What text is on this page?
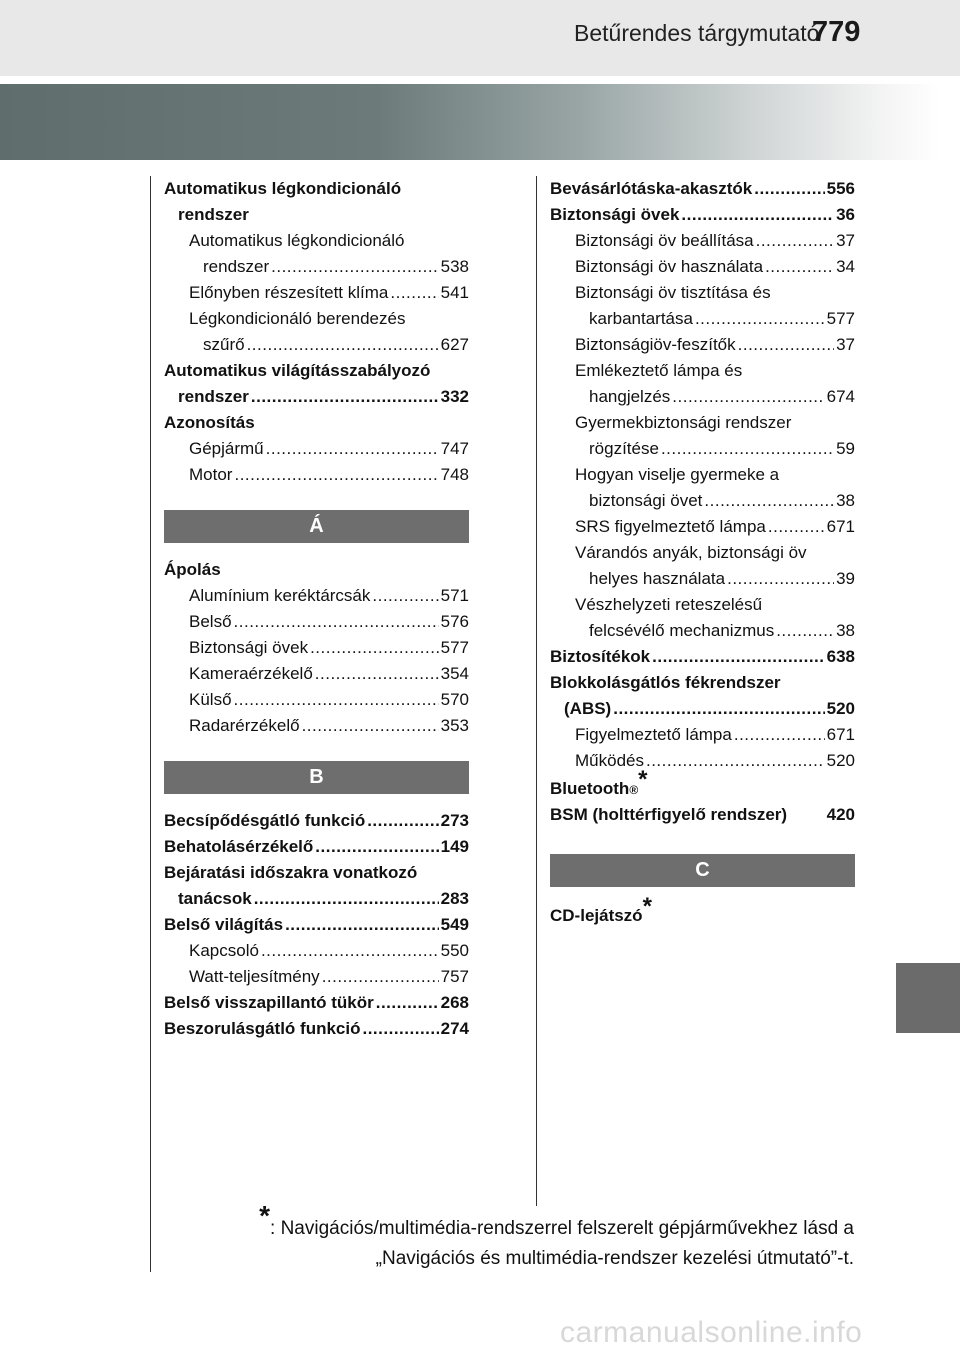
Betűrendes tárgymutató
779
Automatikus légkondicionáló
rendszer
Automatikus légkondicionáló
rendszer .....	538
Előnyben részesített klíma .....	541
Légkondicionáló berendezés
szűrő .....	627
Automatikus világításszabályozó
rendszer .....	332
Azonosítás
Gépjármű .....	747
Motor .....	748
Á
Ápolás
Alumínium keréktárcsák .....	571
Belső .....	576
Biztonsági övek .....	577
Kameraérzékelő .....	354
Külső .....	570
Radarérzékelő .....	353
B
Becsípődésgátló funkció .....	273
Behatolásérzékelő .....	149
Bejáratási időszakra vonatkozó
tanácsok .....	283
Belső világítás .....	549
Kapcsoló .....	550
Watt-teljesítmény .....	757
Belső visszapillantó tükör .....	268
Beszorulásgátló funkció .....	274
Bevásárlótáska-akasztók .....	556
Biztonsági övek .....	36
Biztonsági öv beállítása .....	37
Biztonsági öv használata .....	34
Biztonsági öv tisztítása és
karbantartása .....	577
Biztonságiöv-feszítők .....	37
Emlékeztető lámpa és
hangjelzés .....	674
Gyermekbiztonsági rendszer
rögzítése .....	59
Hogyan viselje gyermeke a
biztonsági övet .....	38
SRS figyelmeztető lámpa .....	671
Várandós anyák, biztonsági öv
helyes használata .....	39
Vészhelyzeti reteszelésű
felcsévélő mechanizmus .....	38
Biztosítékok .....	638
Blokkolásgátlós fékrendszer
(ABS) .....	520
Figyelmeztető lámpa .....	671
Működés .....	520
Bluetooth ® *
BSM (holttérfigyelő rendszer) 420
C
CD-lejátszó *
*: Navigációs/multimédia-rendszerrel felszerelt gépjárművekhez lásd a
„Navigációs és multimédia-rendszer kezelési útmutató”-t.
carmanualsonline.info
